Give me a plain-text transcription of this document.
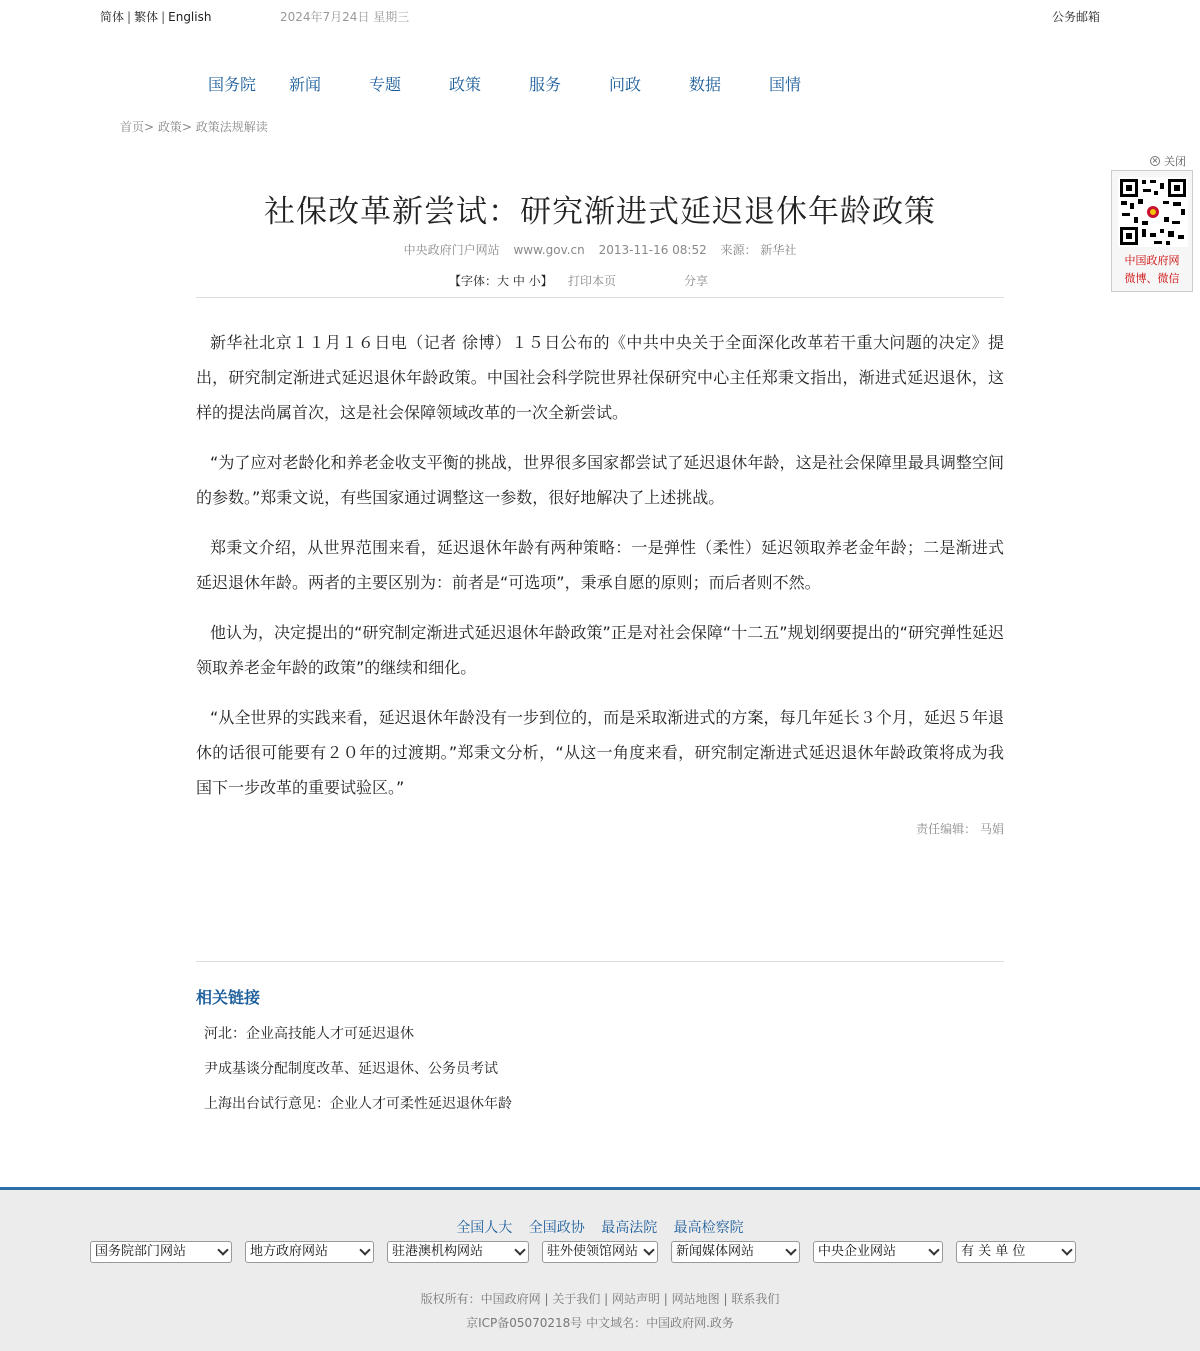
简体 | 繁体 | English	2024年7月24日 星期三	公务邮箱
国务院	新闻	专题	政策	服务	问政	数据	国情
首页> 政策> 政策法规解读
× 关闭
中国政府网
微博、微信
社保改革新尝试：研究渐进式延迟退休年龄政策
中央政府门户网站 www.gov.cn 2013-11-16 08:52 来源： 新华社
【字体：大 中 小】 打印本页	分享

新华社北京１１月１６日电（记者 徐博）１５日公布的《中共中央关于全面深化改革若干重大问题的决定》提出，研究制定渐进式延迟退休年龄政策。中国社会科学院世界社保研究中心主任郑秉文指出，渐进式延迟退休，这样的提法尚属首次，这是社会保障领域改革的一次全新尝试。

“为了应对老龄化和养老金收支平衡的挑战，世界很多国家都尝试了延迟退休年龄，这是社会保障里最具调整空间的参数。”郑秉文说，有些国家通过调整这一参数，很好地解决了上述挑战。

郑秉文介绍，从世界范围来看，延迟退休年龄有两种策略：一是弹性（柔性）延迟领取养老金年龄；二是渐进式延迟退休年龄。两者的主要区别为：前者是“可选项”，秉承自愿的原则；而后者则不然。

他认为，决定提出的“研究制定渐进式延迟退休年龄政策”正是对社会保障“十二五”规划纲要提出的“研究弹性延迟领取养老金年龄的政策”的继续和细化。

“从全世界的实践来看，延迟退休年龄没有一步到位的，而是采取渐进式的方案，每几年延长３个月，延迟５年退休的话很可能要有２０年的过渡期。”郑秉文分析，“从这一角度来看，研究制定渐进式延迟退休年龄政策将成为我国下一步改革的重要试验区。”

责任编辑： 马娟
相关链接
河北：企业高技能人才可延迟退休
尹成基谈分配制度改革、延迟退休、公务员考试
上海出台试行意见：企业人才可柔性延迟退休年龄
全国人大 全国政协 最高法院 最高检察院
国务院部门网站	地方政府网站	驻港澳机构网站	驻外使领馆网站	新闻媒体网站	中央企业网站	有 关 单 位
版权所有：中国政府网 | 关于我们 | 网站声明 | 网站地图 | 联系我们
京ICP备05070218号 中文域名：中国政府网.政务
